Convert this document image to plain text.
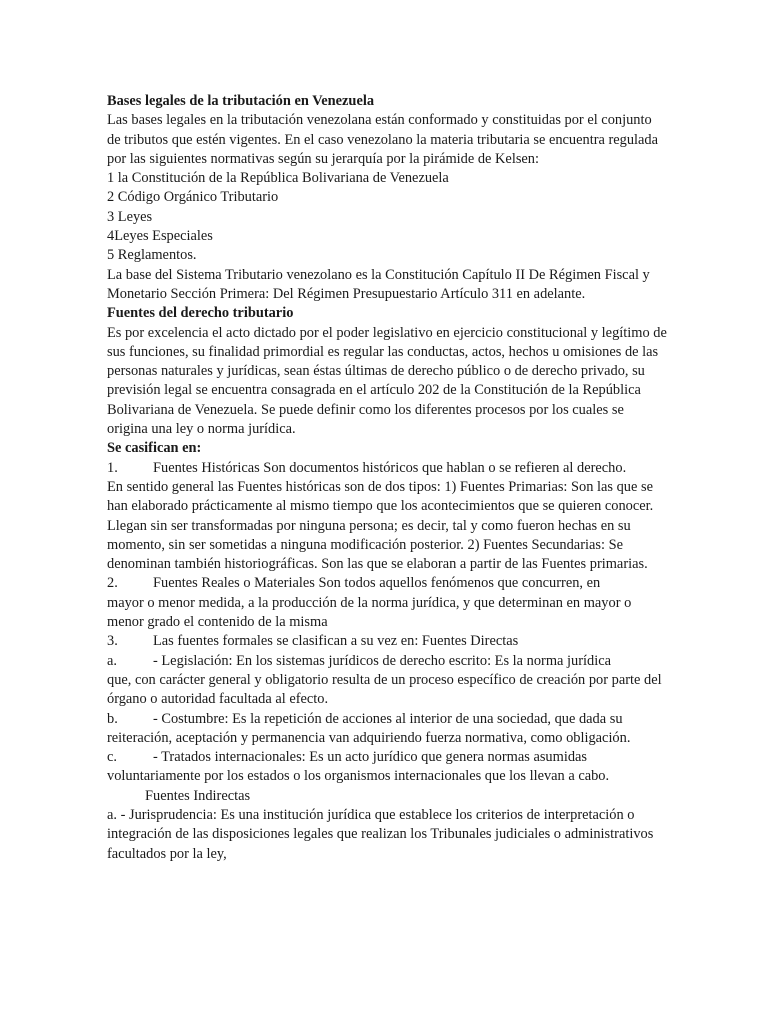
Bases legales de la tributación en Venezuela

Las bases legales en la tributación venezolana están conformado y constituidas por el conjunto de tributos que estén vigentes. En el caso venezolano la materia tributaria se encuentra regulada por las siguientes normativas según su jerarquía por la pirámide de Kelsen:

1 la Constitución de la República Bolivariana de Venezuela

2 Código Orgánico Tributario

3 Leyes

4Leyes Especiales

5 Reglamentos.

La base del Sistema Tributario venezolano es la Constitución Capítulo II De Régimen Fiscal y Monetario Sección Primera: Del Régimen Presupuestario Artículo 311 en adelante.

Fuentes del derecho tributario

Es por excelencia el acto dictado por el poder legislativo en ejercicio constitucional y legítimo de sus funciones, su finalidad primordial es regular las conductas, actos, hechos u omisiones de las personas naturales y jurídicas, sean éstas últimas de derecho público o de derecho privado, su previsión legal se encuentra consagrada en el artículo 202 de la Constitución de la República Bolivariana de Venezuela. Se puede definir como los diferentes procesos por los cuales se origina una ley o norma jurídica.

Se casifican en:

1.	Fuentes Históricas Son documentos históricos que hablan o se refieren al derecho.

En sentido general las Fuentes históricas son de dos tipos: 1) Fuentes Primarias: Son las que se han elaborado prácticamente al mismo tiempo que los acontecimientos que se quieren conocer. Llegan sin ser transformadas por ninguna persona; es decir, tal y como fueron hechas en su momento, sin ser sometidas a ninguna modificación posterior. 2) Fuentes Secundarias: Se denominan también historiográficas. Son las que se elaboran a partir de las Fuentes primarias.

2.	Fuentes Reales o Materiales Son todos aquellos fenómenos que concurren, en

mayor o menor medida, a la producción de la norma jurídica, y que determinan en mayor o menor grado el contenido de la misma

3.	Las fuentes formales se clasifican a su vez en: Fuentes Directas
a.	- Legislación: En los sistemas jurídicos de derecho escrito: Es la norma jurídica

que, con carácter general y obligatorio resulta de un proceso específico de creación por parte del órgano o autoridad facultada al efecto.

b.	- Costumbre: Es la repetición de acciones al interior de una sociedad, que dada su

reiteración, aceptación y permanencia van adquiriendo fuerza normativa, como obligación.

c.	- Tratados internacionales: Es un acto jurídico que genera normas asumidas

voluntariamente por los estados o los organismos internacionales que los llevan a cabo.

Fuentes Indirectas

a. - Jurisprudencia: Es una institución jurídica que establece los criterios de interpretación o integración de las disposiciones legales que realizan los Tribunales judiciales o administrativos facultados por la ley,
